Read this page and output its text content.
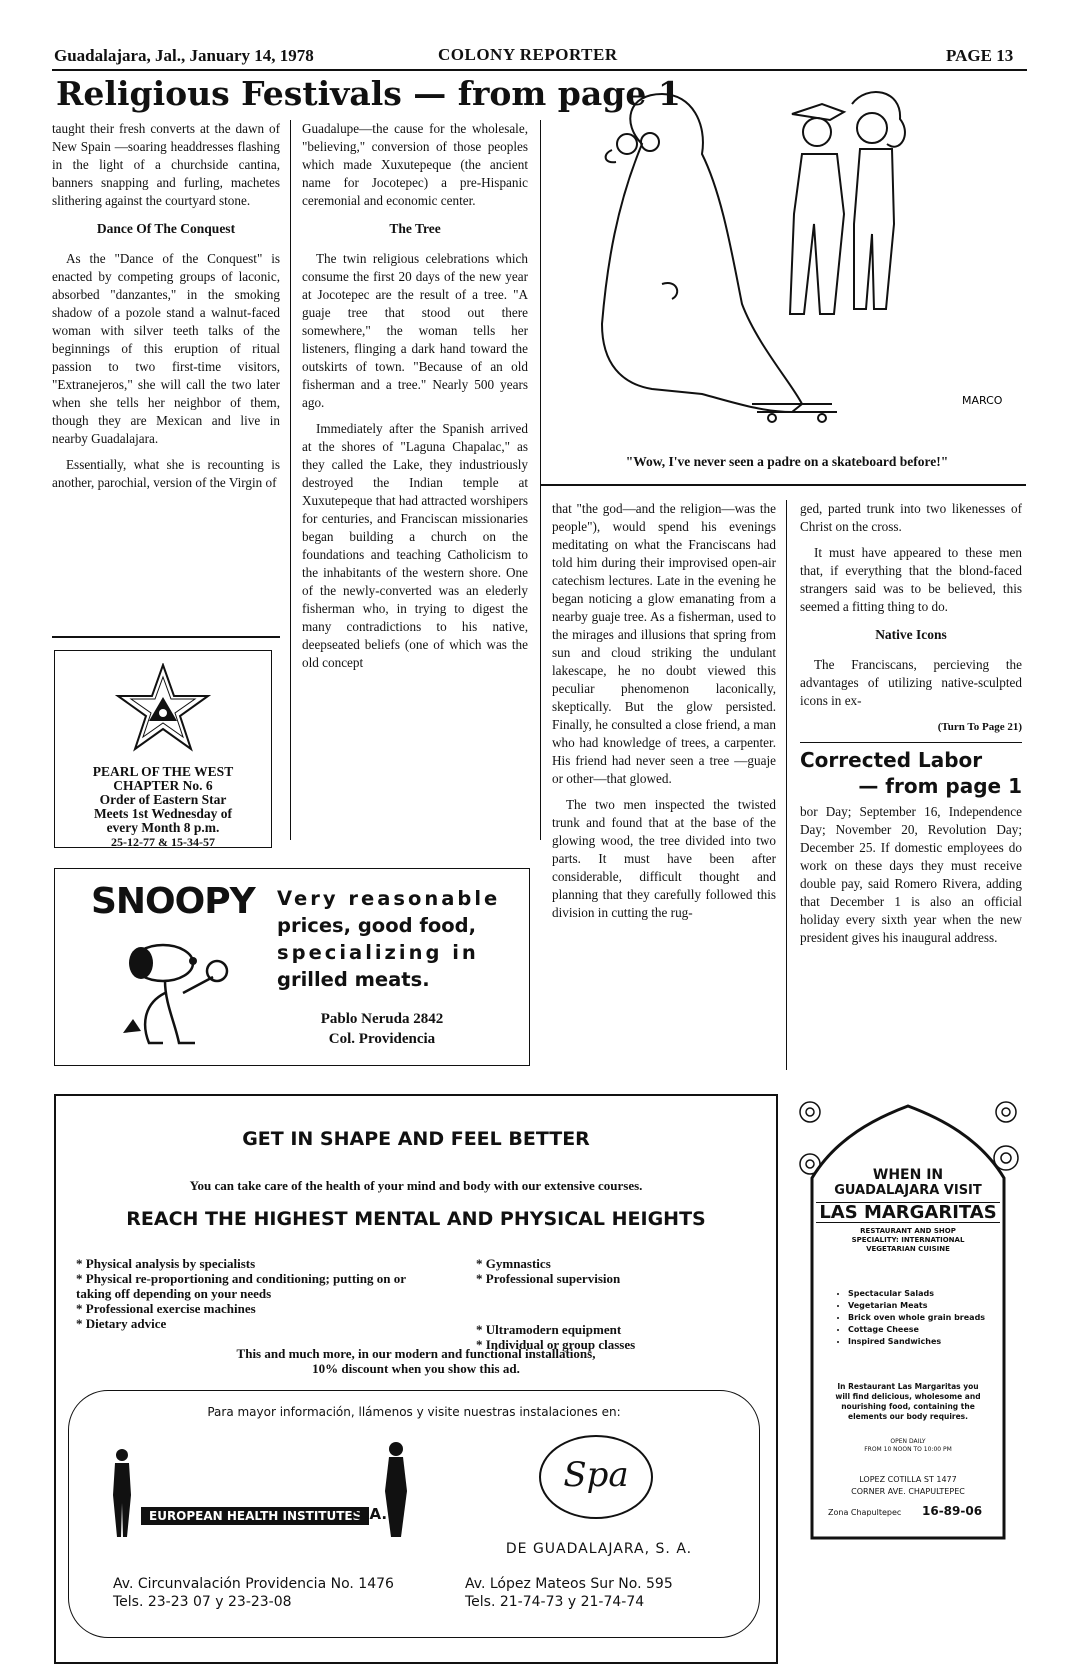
Guadalajara, Jal., January 14, 1978	COLONY REPORTER	PAGE 13
Religious Festivals — from page 1

taught their fresh converts at the dawn of New Spain —soaring headdresses flashing in the light of a churchside cantina, banners snapping and furling, machetes slithering against the courtyard stone.

Dance Of The Conquest

As the "Dance of the Conquest" is enacted by competing groups of laconic, absorbed "danzantes," in the smoking shadow of a pozole stand a walnut-faced woman with silver teeth talks of the beginnings of this eruption of ritual passion to two first-time visitors, "Extranejeros," she will call the two later when she tells her neighbor of them, though they are Mexican and live in nearby Guadalajara.

Essentially, what she is recounting is another, parochial, version of the Virgin of

Guadalupe—the cause for the wholesale, "believing," conversion of those peoples which made Xuxutepeque (the ancient name for Jocotepec) a pre-Hispanic ceremonial and economic center.

The Tree

The twin religious celebrations which consume the first 20 days of the new year at Jocotepec are the result of a tree. "A guaje tree that stood out there somewhere," the woman tells her listeners, flinging a dark hand toward the outskirts of town. "Because of an old fisherman and a tree." Nearly 500 years ago.

Immediately after the Spanish arrived at the shores of "Laguna Chapalac," as they called the Lake, they industriously destroyed the Indian temple at Xuxutepeque that had attracted worshipers for centuries, and Franciscan missionaries began building a church on the foundations and teaching Catholicism to the inhabitants of the western shore. One of the newly-converted was an elederly fisherman who, in trying to digest the many contradictions to his native, deepseated beliefs (one of which was the old concept

PEARL OF THE WEST
CHAPTER No. 6
Order of Eastern Star
Meets 1st Wednesday of
every Month 8 p.m.
25-12-77 & 15-34-57
MARCO
"Wow, I've never seen a padre on a skateboard before!"

that "the god—and the religion—was the people"), would spend his evenings meditating on what the Franciscans had told him during their improvised open-air catechism lectures. Late in the evening he began noticing a glow emanating from a nearby guaje tree. As a fisherman, used to the mirages and illusions that spring from sun and cloud striking the undulant lakescape, he no doubt viewed this peculiar phenomenon laconically, skeptically. But the glow persisted. Finally, he consulted a close friend, a man who had knowledge of trees, a carpenter. His friend had never seen a tree —guaje or other—that glowed.

The two men inspected the twisted trunk and found that at the base of the glowing wood, the tree divided into two parts. It must have been after considerable, difficult thought and planning that they carefully followed this division in cutting the rug-

ged, parted trunk into two likenesses of Christ on the cross.

It must have appeared to these men that, if everything that the blond-faced strangers said was to be believed, this seemed a fitting thing to do.

Native Icons

The Franciscans, percieving the advantages of utilizing native-sculpted icons in ex-

(Turn To Page 21)
Corrected Labor
— from page 1

bor Day; September 16, Independence Day; November 20, Revolution Day; December 25. If domestic employees do work on these days they must receive double pay, said Romero Rivera, adding that December 1 is also an official holiday every sixth year when the new president gives his inaugural address.

SNOOPY Very reasonable
prices, good food,
specializing in
grilled meats.
Pablo Neruda 2842
Col. Providencia
GET IN SHAPE AND FEEL BETTER
You can take care of the health of your mind and body with our extensive courses.
REACH THE HIGHEST MENTAL AND PHYSICAL HEIGHTS
* Physical analysis by specialists
* Physical re-proportioning and conditioning; putting on or taking off depending on your needs
* Professional exercise machines
* Dietary advice
* Gymnastics
* Professional supervision
* Ultramodern equipment
* Individual or group classes
This and much more, in our modern and functional installations,
10% discount when you show this ad.
Para mayor información, llámenos y visite nuestras instalaciones en:
EUROPEAN HEALTH INSTITUTES
S.A.
Av. Circunvalación Providencia No. 1476
Tels. 23-23 07 y 23-23-08
Spa
DE GUADALAJARA, S. A.
Av. López Mateos Sur No. 595
Tels. 21-74-73 y 21-74-74
WHEN IN
GUADALAJARA VISIT
LAS MARGARITAS
RESTAURANT AND SHOP
SPECIALITY: INTERNATIONAL
VEGETARIAN CUISINE
• Spectacular Salads
• Vegetarian Meats
• Brick oven whole grain breads
• Cottage Cheese
• Inspired Sandwiches
In Restaurant Las Margaritas you will find delicious, wholesome and nourishing food, containing the elements our body requires.
OPEN DAILY
FROM 10 NOON TO 10:00 PM
LOPEZ COTILLA ST 1477
CORNER AVE. CHAPULTEPEC
Zona Chapultepec 16-89-06
